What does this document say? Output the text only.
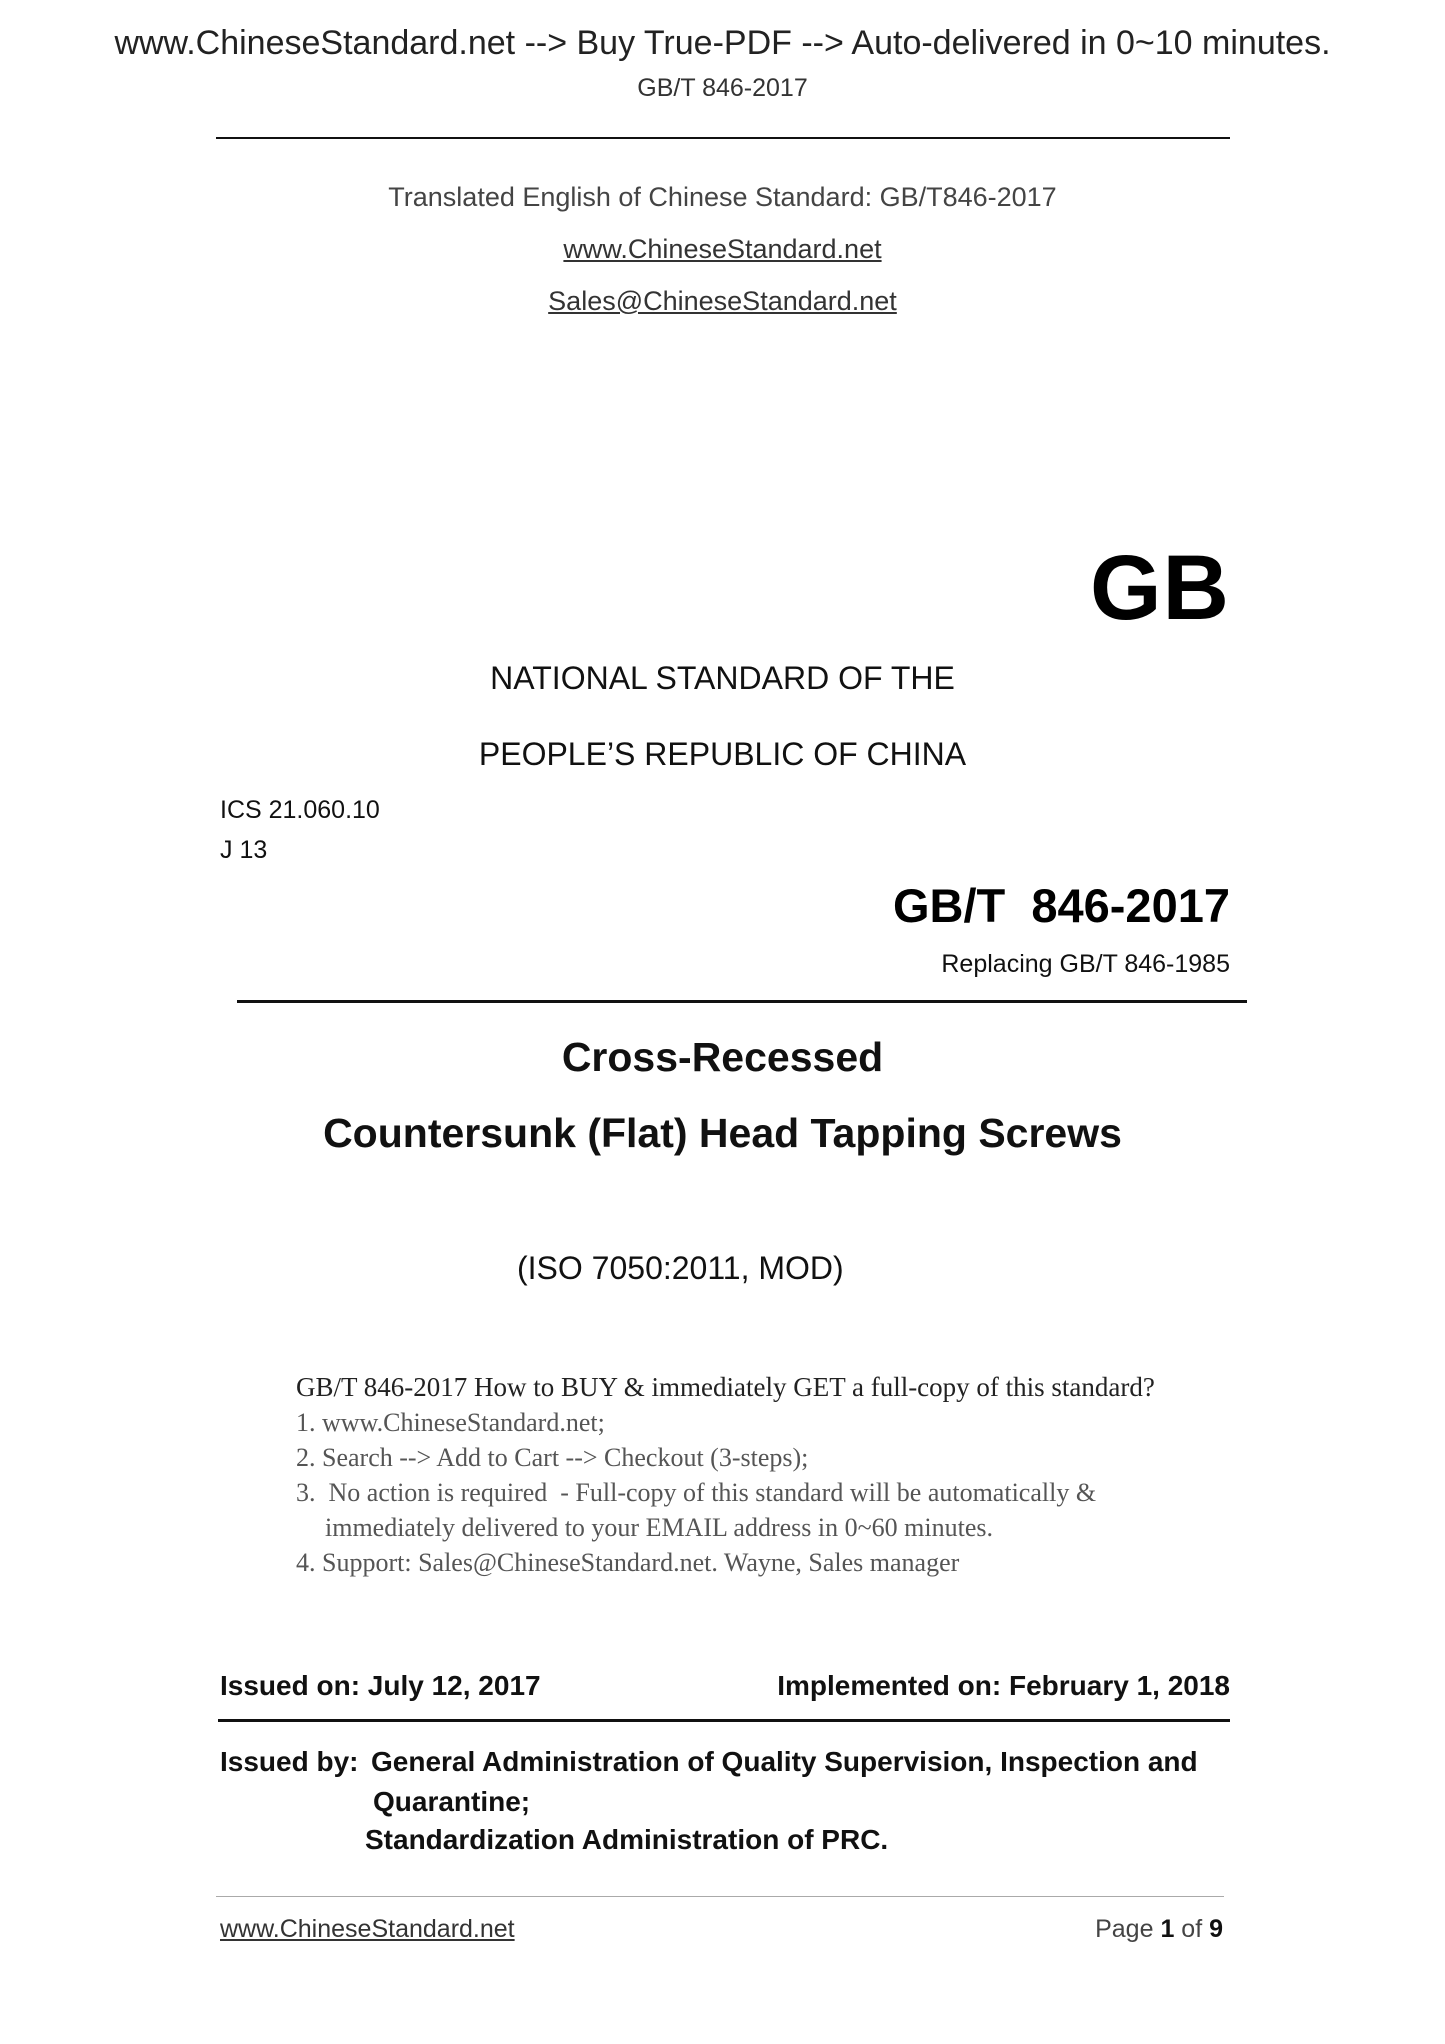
www.ChineseStandard.net --> Buy True-PDF --> Auto-delivered in 0~10 minutes.
GB/T 846-2017
Translated English of Chinese Standard: GB/T846-2017
www.ChineseStandard.net
Sales@ChineseStandard.net
GB
NATIONAL STANDARD OF THE
PEOPLE’S REPUBLIC OF CHINA
ICS 21.060.10
J 13
GB/T  846-2017
Replacing GB/T 846-1985
Cross-Recessed
Countersunk (Flat) Head Tapping Screws
(ISO 7050:2011, MOD)
GB/T 846-2017 How to BUY & immediately GET a full-copy of this standard?
1. www.ChineseStandard.net;
2. Search --> Add to Cart --> Checkout (3-steps);
3.  No action is required  - Full-copy of this standard will be automatically &
immediately delivered to your EMAIL address in 0~60 minutes.
4. Support: Sales@ChineseStandard.net. Wayne, Sales manager
Issued on: July 12, 2017	Implemented on: February 1, 2018
Issued by: General Administration of Quality Supervision, Inspection and
Quarantine;
Standardization Administration of PRC.
www.ChineseStandard.net	Page 1 of 9
